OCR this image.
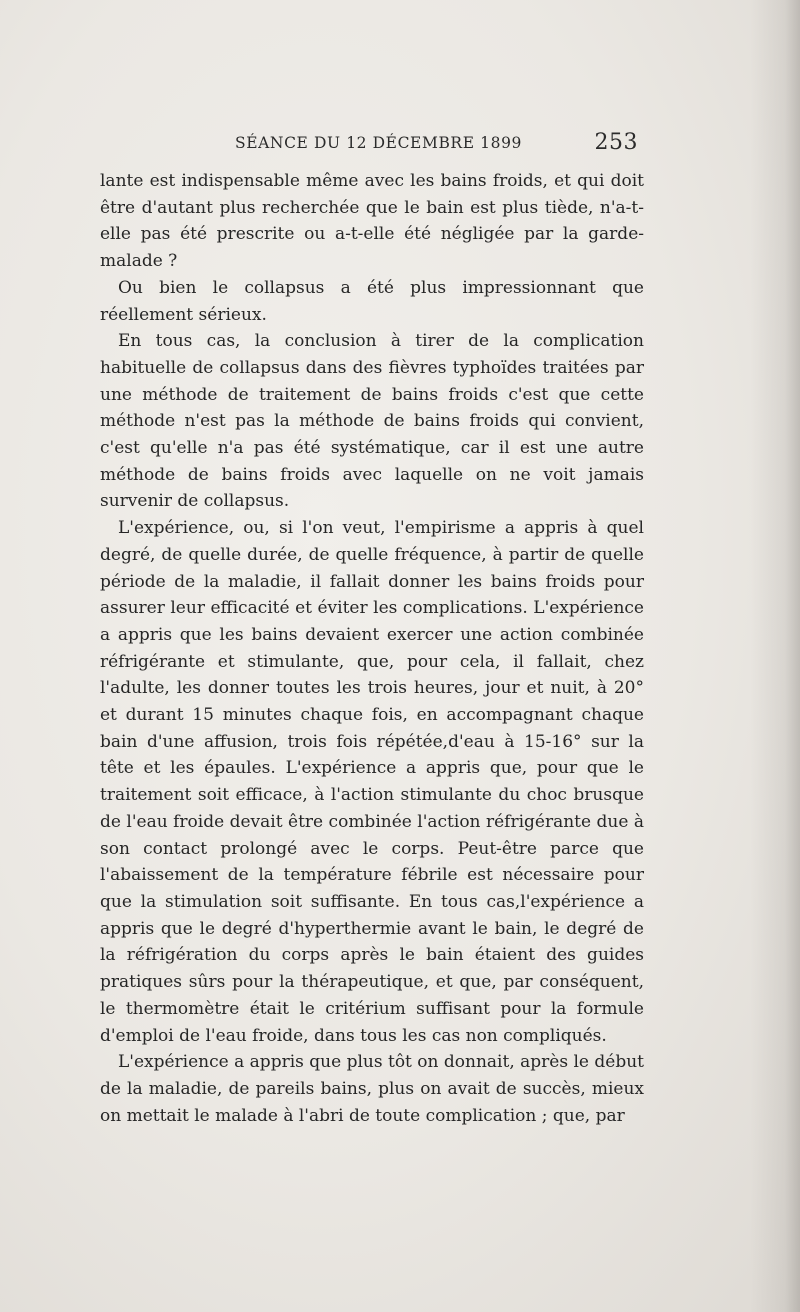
SÉANCE DU 12 DÉCEMBRE 1899	253

lante est indispensable même avec les bains froids, et qui doit être d'autant plus recherchée que le bain est plus tiède, n'a-t-elle pas été prescrite ou a-t-elle été négligée par la garde-malade ?

Ou bien le collapsus a été plus impressionnant que réellement sérieux.

En tous cas, la conclusion à tirer de la complication habituelle de collapsus dans des fièvres typhoïdes traitées par une méthode de traitement de bains froids c'est que cette méthode n'est pas la méthode de bains froids qui convient, c'est qu'elle n'a pas été systématique, car il est une autre méthode de bains froids avec laquelle on ne voit jamais survenir de collapsus.

L'expérience, ou, si l'on veut, l'empirisme a appris à quel degré, de quelle durée, de quelle fréquence, à partir de quelle période de la maladie, il fallait donner les bains froids pour assurer leur efficacité et éviter les complications. L'expérience a appris que les bains devaient exercer une action combinée réfrigérante et stimulante, que, pour cela, il fallait, chez l'adulte, les donner toutes les trois heures, jour et nuit, à 20° et durant 15 minutes chaque fois, en accompagnant chaque bain d'une affusion, trois fois répétée,d'eau à 15-16° sur la tête et les épaules. L'expérience a appris que, pour que le traitement soit efficace, à l'action stimulante du choc brusque de l'eau froide devait être combinée l'action réfrigérante due à son contact prolongé avec le corps. Peut-être parce que l'abaissement de la température fébrile est nécessaire pour que la stimulation soit suffisante. En tous cas,l'expérience a appris que le degré d'hyperthermie avant le bain, le degré de la réfrigération du corps après le bain étaient des guides pratiques sûrs pour la thérapeutique, et que, par conséquent, le thermomètre était le critérium suffisant pour la formule d'emploi de l'eau froide, dans tous les cas non compliqués.

L'expérience a appris que plus tôt on donnait, après le début de la maladie, de pareils bains, plus on avait de succès, mieux on mettait le malade à l'abri de toute complication ; que, par
